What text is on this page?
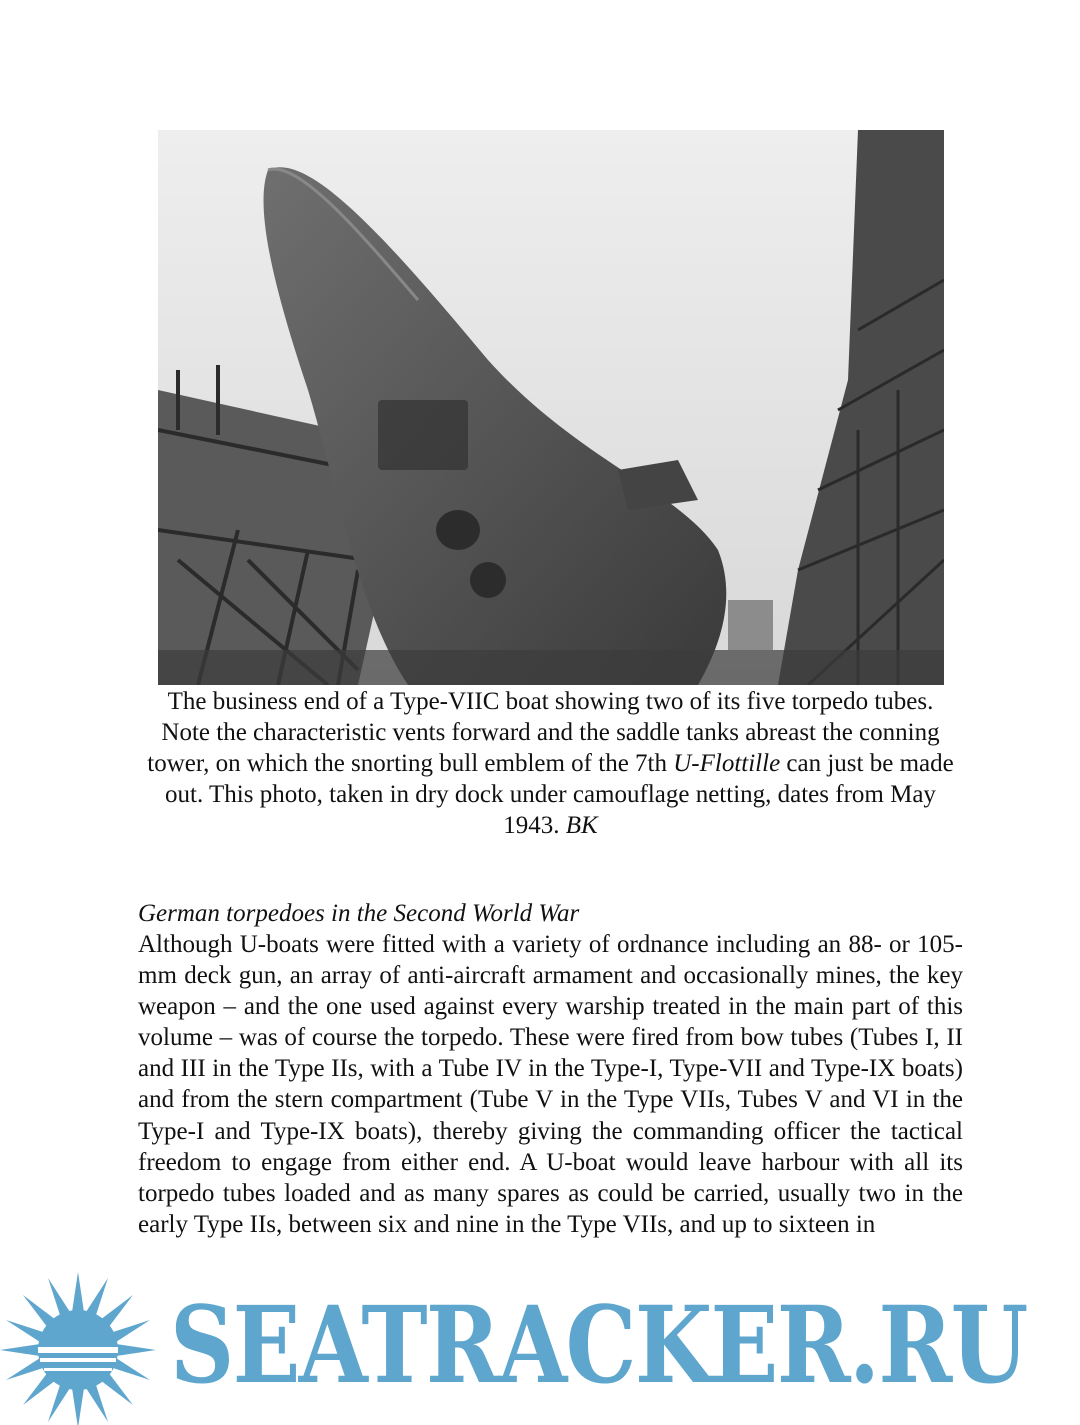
The business end of a Type-VIIC boat showing two of its five torpedo tubes.

Note the characteristic vents forward and the saddle tanks abreast the conning tower, on which the snorting bull emblem of the 7th U-Flottille can just be made out. This photo, taken in dry dock under camouflage netting, dates from May 1943. BK

German torpedoes in the Second World War

Although U-boats were fitted with a variety of ordnance including an 88- or 105-mm deck gun, an array of anti-aircraft armament and occasionally mines, the key weapon – and the one used against every warship treated in the main part of this volume – was of course the torpedo. These were fired from bow tubes (Tubes I, II and III in the Type IIs, with a Tube IV in the Type-I, Type-VII and Type-IX boats) and from the stern compartment (Tube V in the Type VIIs, Tubes V and VI in the Type-I and Type-IX boats), thereby giving the commanding officer the tactical freedom to engage from either end. A U-boat would leave harbour with all its torpedo tubes loaded and as many spares as could be carried, usually two in the early Type IIs, between six and nine in the Type VIIs, and up to sixteen in

SEATRACKER.RU
